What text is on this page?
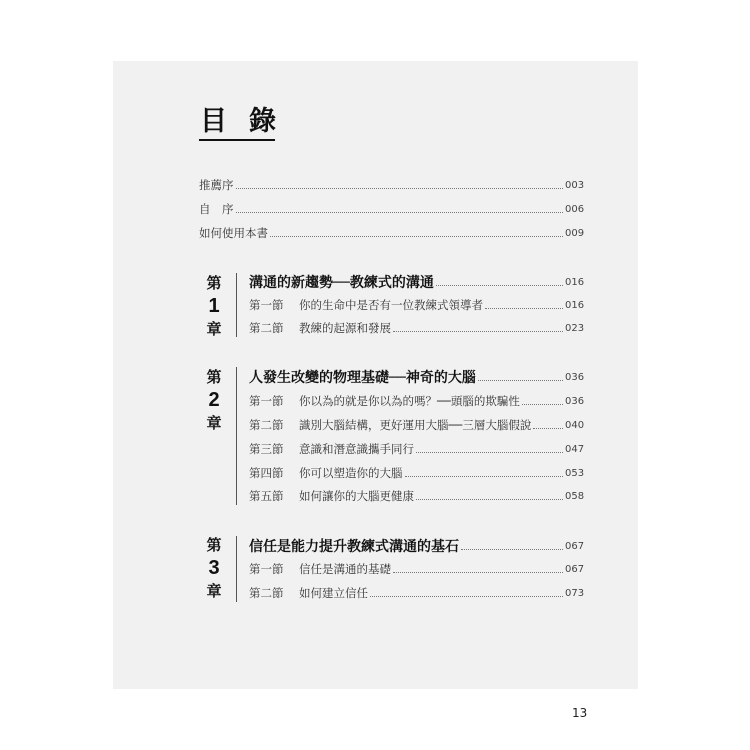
目 錄
推薦序	003
自　序	006
如何使用本書	009
第
1
章
溝通的新趨勢──教練式的溝通	016
第一節 你的生命中是否有一位教練式領導者	016
第二節 教練的起源和發展	023
第
2
章
人發生改變的物理基礎──神奇的大腦	036
第一節 你以為的就是你以為的嗎？──頭腦的欺騙性	036
第二節 識別大腦結構，更好運用大腦──三層大腦假說	040
第三節 意識和潛意識攜手同行	047
第四節 你可以塑造你的大腦	053
第五節 如何讓你的大腦更健康	058
第
3
章
信任是能力提升教練式溝通的基石	067
第一節 信任是溝通的基礎	067
第二節 如何建立信任	073
13
